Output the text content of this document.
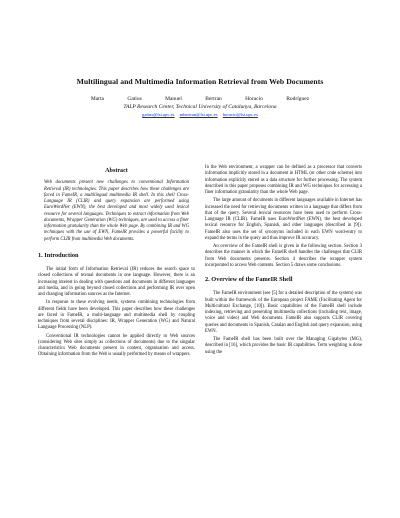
Multilingual and Multimedia Information Retrieval from Web Documents
Marta Gatius	Manuel Bertran	Horacio Rodríguez
TALP Research Center, Technical University of Catalunya, Barcelona
gatius@lsi.upc.es mbertran@lsi.upc.es horacio@lsi.upc.es
Abstract

Web documents present new challenges to conventional Information Retrieval (IR) technologies. This paper describes how these challenges are faced in FameIR, a multilingual multimedia IR shell. In this shell Cross-Language IR (CLIR) and query expansion are performed using EuroWordNet (EWN), the best developed and most widely used lexical resource for several languages. Techniques to extract information from Web documents, Wrapper Generation (WG) techniques, are used to access a finer information granularity than the whole Web page. By combining IR and WG techniques with the use of EWN, FameIR provides a powerful facility to perform CLIR from multimedia Web documents.

1. Introduction

The initial form of Information Retrieval (IR) reduces the search space to closed collections of textual documents in one language. However, there is an increasing interest in dealing with questions and documents in different languages and media, and in going beyond closed collections and performing IR over open and changing information sources as the Internet.

In response to these evolving needs, systems combining technologies from different fields have been developed. This paper describes how these challenges are faced in FameIR, a multi-language and multimedia shell by coupling techniques from several disciplines: IR, Wrapper Generation (WG) and Natural Language Processing (NLP).

Conventional IR technologies cannot be applied directly to Web sources (considering Web sites simply as collections of documents) due to the singular characteristics Web documents present in content, organisation and access. Obtaining information from the Web is usually performed by means of wrappers.

In the Web environment, a wrapper can be defined as a processor that converts information implicitly stored in a document in HTML (or other code scheme) into information explicitly stored as a data structure for further processing. The system described in this paper proposes combining IR and WG techniques for accessing a finer information granularity than the whole Web page.

The large amount of documents in different languages available in Internet has increased the need for retrieving documents written in a language that differs from that of the query. Several lexical resources have been used to perform Cross-Language IR (CLIR). FameIR uses EuroWordNet (EWN), the best developed lexical resource for English, Spanish, and other languages (described in [9]). FameIR also uses the set of synonyms included in each EWN word-entry to expand the terms in the query and thus improve IR accuracy.

An overview of the FameIR shell is given in the following section. Section 3 describes the manner in which the FameIR shell handles the challenges that CLIR from Web documents presents. Section 4 describes the wrapper system incorporated to access Web contents. Section 5 draws some conclusions.

2. Overview of the FameIR Shell

The FameIR environment (see [5] for a detailed description of the system) was built within the framework of the European project FAME (Facilitating Agent for Multicultural Exchange, [10]). Basic capabilities of the FameIR shell include indexing, retrieving and presenting multimedia collections (including text, image, voice and video) and Web documents. FameIR also supports CLIR covering queries and documents in Spanish, Catalan and English and query expansion, using EWN.

The FameIR shell has been built over the Managing Gigabytes (MG), described in [16], which provides the basic IR capabilities. Term weighting is done using the
